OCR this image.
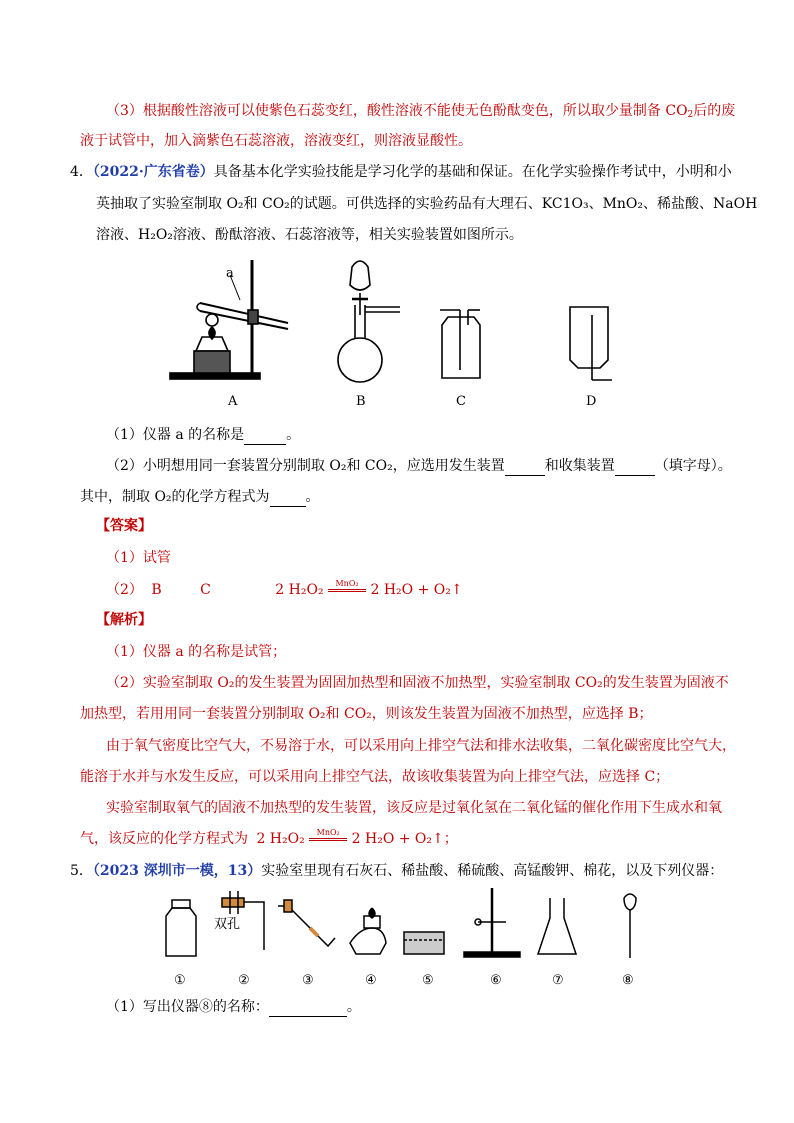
（3）根据酸性溶液可以使紫色石蕊变红，酸性溶液不能使无色酚酞变色，所以取少量制备 $CO_2$后的废
液于试管中，加入滴紫色石蕊溶液，溶液变红，则溶液显酸性。
4．（2022·广东省卷）具备基本化学实验技能是学习化学的基础和保证。在化学实验操作考试中，小明和小
英抽取了实验室制取 O₂和 CO₂的试题。可供选择的实验药品有大理石、KC1O₃、MnO₂、稀盐酸、NaOH
溶液、H₂O₂溶液、酚酞溶液、石蕊溶液等，相关实验装置如图所示。
a
A	B	C	D
（1）仪器 a 的名称是	。
（2）小明想用同一套装置分别制取 O₂和 CO₂，应选用发生装置	和收集装置	（填字母）。
其中，制取 O₂的化学方程式为	。
【答案】
（1）试管
（2） B	C	2 H₂O₂	MnO₂ 2 H₂O + O₂↑
【解析】
（1）仪器 a 的名称是试管；
（2）实验室制取 O₂的发生装置为固固加热型和固液不加热型，实验室制取 CO₂的发生装置为固液不
加热型，若用用同一套装置分别制取 O₂和 CO₂，则该发生装置为固液不加热型，应选择 B；
由于氧气密度比空气大，不易溶于水，可以采用向上排空气法和排水法收集，二氧化碳密度比空气大，
能溶于水并与水发生反应，可以采用向上排空气法，故该收集装置为向上排空气法，应选择 C；
实验室制取氧气的固液不加热型的发生装置，该反应是过氧化氢在二氧化锰的催化作用下生成水和氧
气，该反应的化学方程式为 2 H₂O₂	MnO₂ 2 H₂O + O₂↑；
5．（2023 深圳市一模，13）实验室里现有石灰石、稀盐酸、稀硫酸、高锰酸钾、棉花，以及下列仪器：
双孔
①	②	③	④	⑤	⑥	⑦	⑧
（1）写出仪器⑧的名称：	。
